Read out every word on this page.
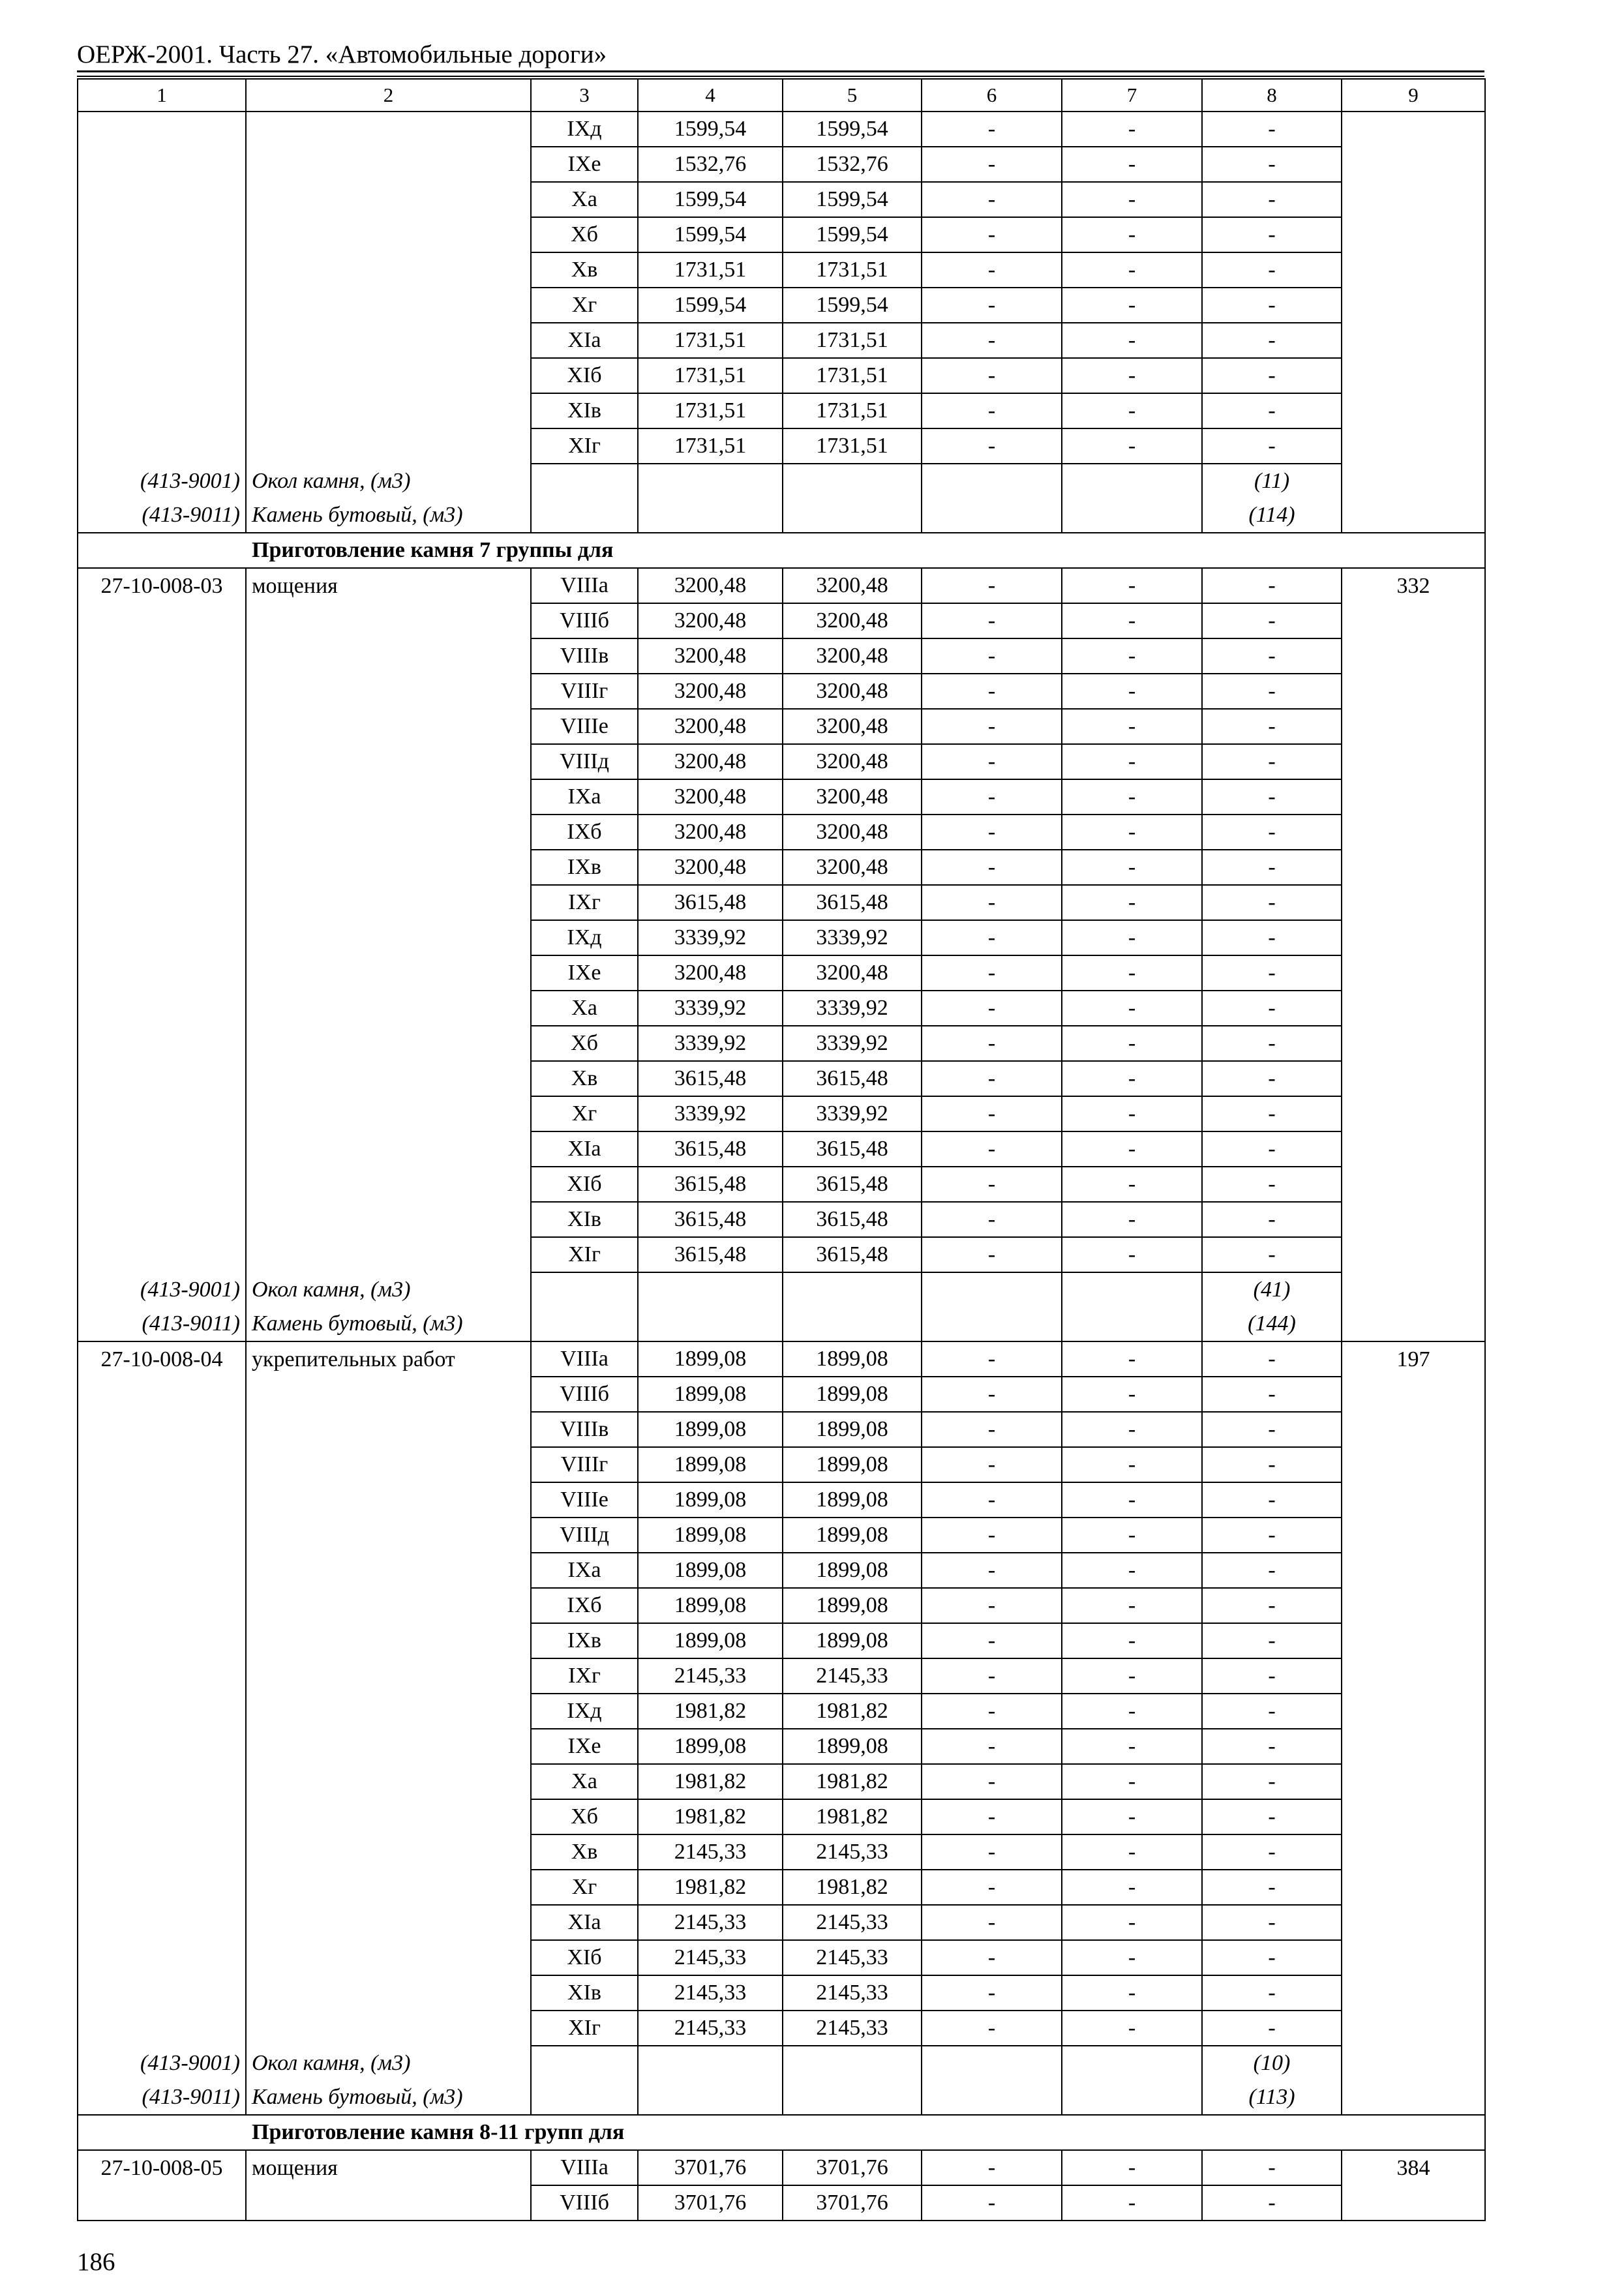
ОЕРЖ-2001. Часть 27. «Автомобильные дороги»
1	2	3	4	5	6	7	8	9
		IXд	1599,54	1599,54	-	-	-	
		IXе	1532,76	1532,76	-	-	-	
		Xа	1599,54	1599,54	-	-	-	
		Xб	1599,54	1599,54	-	-	-	
		Xв	1731,51	1731,51	-	-	-	
		Xг	1599,54	1599,54	-	-	-	
		XIа	1731,51	1731,51	-	-	-	
		XIб	1731,51	1731,51	-	-	-	
		XIв	1731,51	1731,51	-	-	-	
		XIг	1731,51	1731,51	-	-	-	
(413-9001)	Окол камня, (м3)						(11)	
(413-9011)	Камень бутовый, (м3)						(114)	
	Приготовление камня 7 группы для							
27-10-008-03	мощения	VIIIа	3200,48	3200,48	-	-	-	332
		VIIIб	3200,48	3200,48	-	-	-	
		VIIIв	3200,48	3200,48	-	-	-	
		VIIIг	3200,48	3200,48	-	-	-	
		VIIIе	3200,48	3200,48	-	-	-	
		VIIIд	3200,48	3200,48	-	-	-	
		IXа	3200,48	3200,48	-	-	-	
		IXб	3200,48	3200,48	-	-	-	
		IXв	3200,48	3200,48	-	-	-	
		IXг	3615,48	3615,48	-	-	-	
		IXд	3339,92	3339,92	-	-	-	
		IXе	3200,48	3200,48	-	-	-	
		Xа	3339,92	3339,92	-	-	-	
		Xб	3339,92	3339,92	-	-	-	
		Xв	3615,48	3615,48	-	-	-	
		Xг	3339,92	3339,92	-	-	-	
		XIа	3615,48	3615,48	-	-	-	
		XIб	3615,48	3615,48	-	-	-	
		XIв	3615,48	3615,48	-	-	-	
		XIг	3615,48	3615,48	-	-	-	
(413-9001)	Окол камня, (м3)						(41)	
(413-9011)	Камень бутовый, (м3)						(144)	
27-10-008-04	укрепительных работ	VIIIа	1899,08	1899,08	-	-	-	197
		VIIIб	1899,08	1899,08	-	-	-	
		VIIIв	1899,08	1899,08	-	-	-	
		VIIIг	1899,08	1899,08	-	-	-	
		VIIIе	1899,08	1899,08	-	-	-	
		VIIIд	1899,08	1899,08	-	-	-	
		IXа	1899,08	1899,08	-	-	-	
		IXб	1899,08	1899,08	-	-	-	
		IXв	1899,08	1899,08	-	-	-	
		IXг	2145,33	2145,33	-	-	-	
		IXд	1981,82	1981,82	-	-	-	
		IXе	1899,08	1899,08	-	-	-	
		Xа	1981,82	1981,82	-	-	-	
		Xб	1981,82	1981,82	-	-	-	
		Xв	2145,33	2145,33	-	-	-	
		Xг	1981,82	1981,82	-	-	-	
		XIа	2145,33	2145,33	-	-	-	
		XIб	2145,33	2145,33	-	-	-	
		XIв	2145,33	2145,33	-	-	-	
		XIг	2145,33	2145,33	-	-	-	
(413-9001)	Окол камня, (м3)						(10)	
(413-9011)	Камень бутовый, (м3)						(113)	
	Приготовление камня 8-11 групп для							
27-10-008-05	мощения	VIIIа	3701,76	3701,76	-	-	-	384
		VIIIб	3701,76	3701,76	-	-	-	
186
